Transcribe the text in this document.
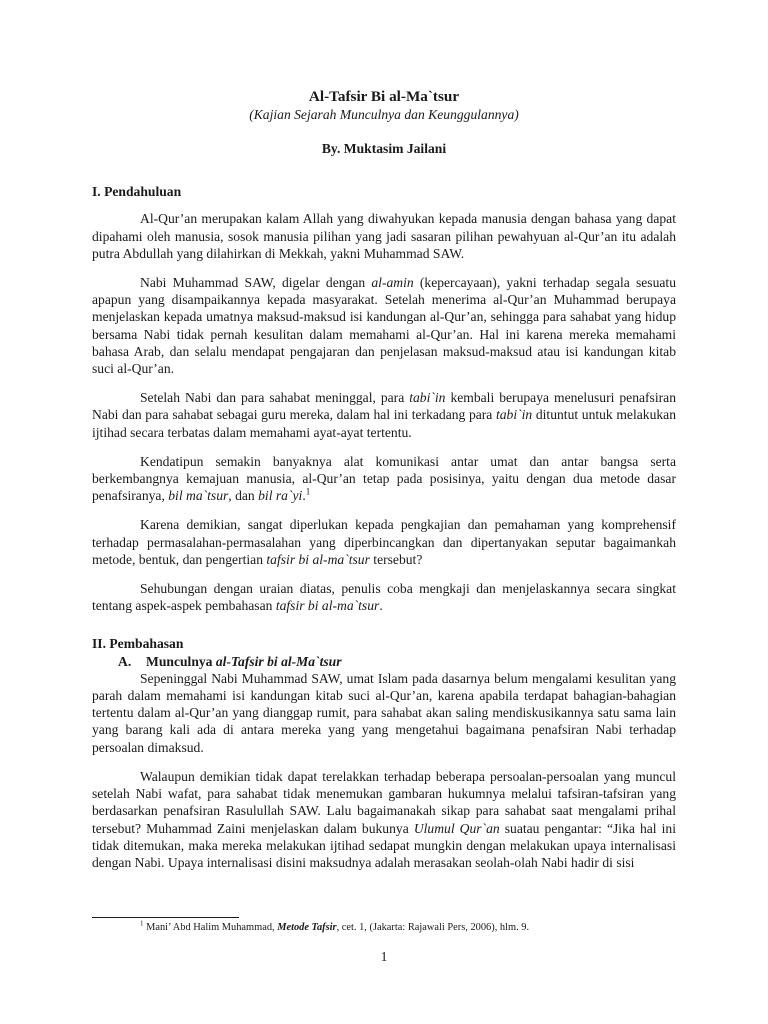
Al-Tafsir Bi al-Ma`tsur
(Kajian Sejarah Munculnya dan Keunggulannya)
By. Muktasim Jailani
I. Pendahuluan
Al-Qur’an merupakan kalam Allah yang diwahyukan kepada manusia dengan bahasa yang dapat dipahami oleh manusia, sosok manusia pilihan yang jadi sasaran pilihan pewahyuan al-Qur’an itu adalah putra Abdullah yang dilahirkan di Mekkah, yakni Muhammad SAW.
Nabi Muhammad SAW, digelar dengan al-amin (kepercayaan), yakni terhadap segala sesuatu apapun yang disampaikannya kepada masyarakat. Setelah menerima al-Qur’an Muhammad berupaya menjelaskan kepada umatnya maksud-maksud isi kandungan al-Qur’an, sehingga para sahabat yang hidup bersama Nabi tidak pernah kesulitan dalam memahami al-Qur’an. Hal ini karena mereka memahami bahasa Arab, dan selalu mendapat pengajaran dan penjelasan maksud-maksud atau isi kandungan kitab suci al-Qur’an.
Setelah Nabi dan para sahabat meninggal, para tabi`in kembali berupaya menelusuri penafsiran Nabi dan para sahabat sebagai guru mereka, dalam hal ini terkadang para tabi`in dituntut untuk melakukan ijtihad secara terbatas dalam memahami ayat-ayat tertentu.
Kendatipun semakin banyaknya alat komunikasi antar umat dan antar bangsa serta berkembangnya kemajuan manusia, al-Qur’an tetap pada posisinya, yaitu dengan dua metode dasar penafsiranya, bil ma`tsur, dan bil ra`yi.$^1$
Karena demikian, sangat diperlukan kepada pengkajian dan pemahaman yang komprehensif terhadap permasalahan-permasalahan yang diperbincangkan dan dipertanyakan seputar bagaimankah metode, bentuk, dan pengertian tafsir bi al-ma`tsur tersebut?
Sehubungan dengan uraian diatas, penulis coba mengkaji dan menjelaskannya secara singkat tentang aspek-aspek pembahasan tafsir bi al-ma`tsur.
II. Pembahasan
A. Munculnya al-Tafsir bi al-Ma`tsur
Sepeninggal Nabi Muhammad SAW, umat Islam pada dasarnya belum mengalami kesulitan yang parah dalam memahami isi kandungan kitab suci al-Qur’an, karena apabila terdapat bahagian-bahagian tertentu dalam al-Qur’an yang dianggap rumit, para sahabat akan saling mendiskusikannya satu sama lain yang barang kali ada di antara mereka yang yang mengetahui bagaimana penafsiran Nabi terhadap persoalan dimaksud.
Walaupun demikian tidak dapat terelakkan terhadap beberapa persoalan-persoalan yang muncul setelah Nabi wafat, para sahabat tidak menemukan gambaran hukumnya melalui tafsiran-tafsiran yang berdasarkan penafsiran Rasulullah SAW. Lalu bagaimanakah sikap para sahabat saat mengalami prihal tersebut? Muhammad Zaini menjelaskan dalam bukunya Ulumul Qur`an suatau pengantar: “Jika hal ini tidak ditemukan, maka mereka melakukan ijtihad sedapat mungkin dengan melakukan upaya internalisasi dengan Nabi. Upaya internalisasi disini maksudnya adalah merasakan seolah-olah Nabi hadir di sisi
$^1$ Mani’ Abd Halim Muhammad, Metode Tafsir, cet. 1, (Jakarta: Rajawali Pers, 2006), hlm. 9.
1
